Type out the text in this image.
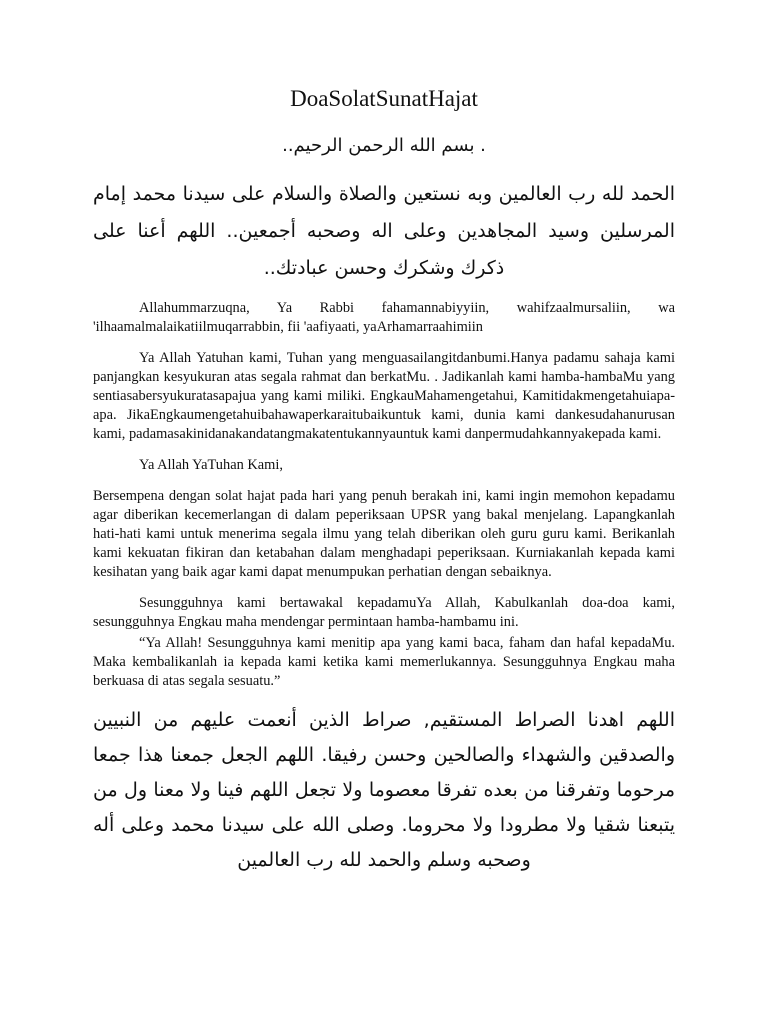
DoaSolatSunatHajat

. بسم الله الرحمن الرحيم..

الحمد لله رب العالمين وبه نستعين والصلاة والسلام على سيدنا محمد إمام المرسلين وسيد المجاهدين وعلى اله وصحبه أجمعين.. اللهم أعنا على ذكرك وشكرك وحسن عبادتك..

Allahummarzuqna, Ya Rabbi fahamannabiyyiin, wahifzaalmursaliin, wa 'ilhaamalmalaikatiilmuqarrabbin, fii 'aafiyaati, yaArhamarraahimiin

Ya Allah Yatuhan kami, Tuhan yang menguasailangitdanbumi.Hanya padamu sahaja kami panjangkan kesyukuran atas segala rahmat dan berkatMu. . Jadikanlah kami hamba-hambaMu yang sentiasabersyukuratasapajua yang kami miliki. EngkauMahamengetahui, Kamitidakmengetahuiapa-apa. JikaEngkaumengetahuibahawaperkaraitubaikuntuk kami, dunia kami dankesudahanurusan kami, padamasakinidanakandatangmakatentukannyauntuk kami danpermudahkannyakepada kami.

Ya Allah YaTuhan Kami,

Bersempena dengan solat hajat pada hari yang penuh berakah ini, kami ingin memohon kepadamu agar diberikan kecemerlangan di dalam peperiksaan UPSR yang bakal menjelang. Lapangkanlah hati-hati kami untuk menerima segala ilmu yang telah diberikan oleh guru guru kami. Berikanlah kami kekuatan fikiran dan ketabahan dalam menghadapi peperiksaan. Kurniakanlah kepada kami kesihatan yang baik agar kami dapat menumpukan perhatian dengan sebaiknya.

Sesungguhnya kami bertawakal kepadamuYa Allah, Kabulkanlah doa-doa kami, sesungguhnya Engkau maha mendengar permintaan hamba-hambamu ini.

“Ya Allah! Sesungguhnya kami menitip apa yang kami baca, faham dan hafal kepadaMu. Maka kembalikanlah ia kepada kami ketika kami memerlukannya. Sesungguhnya Engkau maha berkuasa di atas segala sesuatu.”

اللهم اهدنا الصراط المستقيم, صراط الذين أنعمت عليهم من النبيين والصدقين والشهداء والصالحين وحسن رفيقا. اللهم الجعل جمعنا هذا جمعا مرحوما وتفرقنا من بعده تفرقا معصوما ولا تجعل اللهم فينا ولا معنا ول من يتبعنا شقيا ولا مطرودا ولا محروما. وصلى الله على سيدنا محمد وعلى أله وصحبه وسلم والحمد لله رب العالمين
